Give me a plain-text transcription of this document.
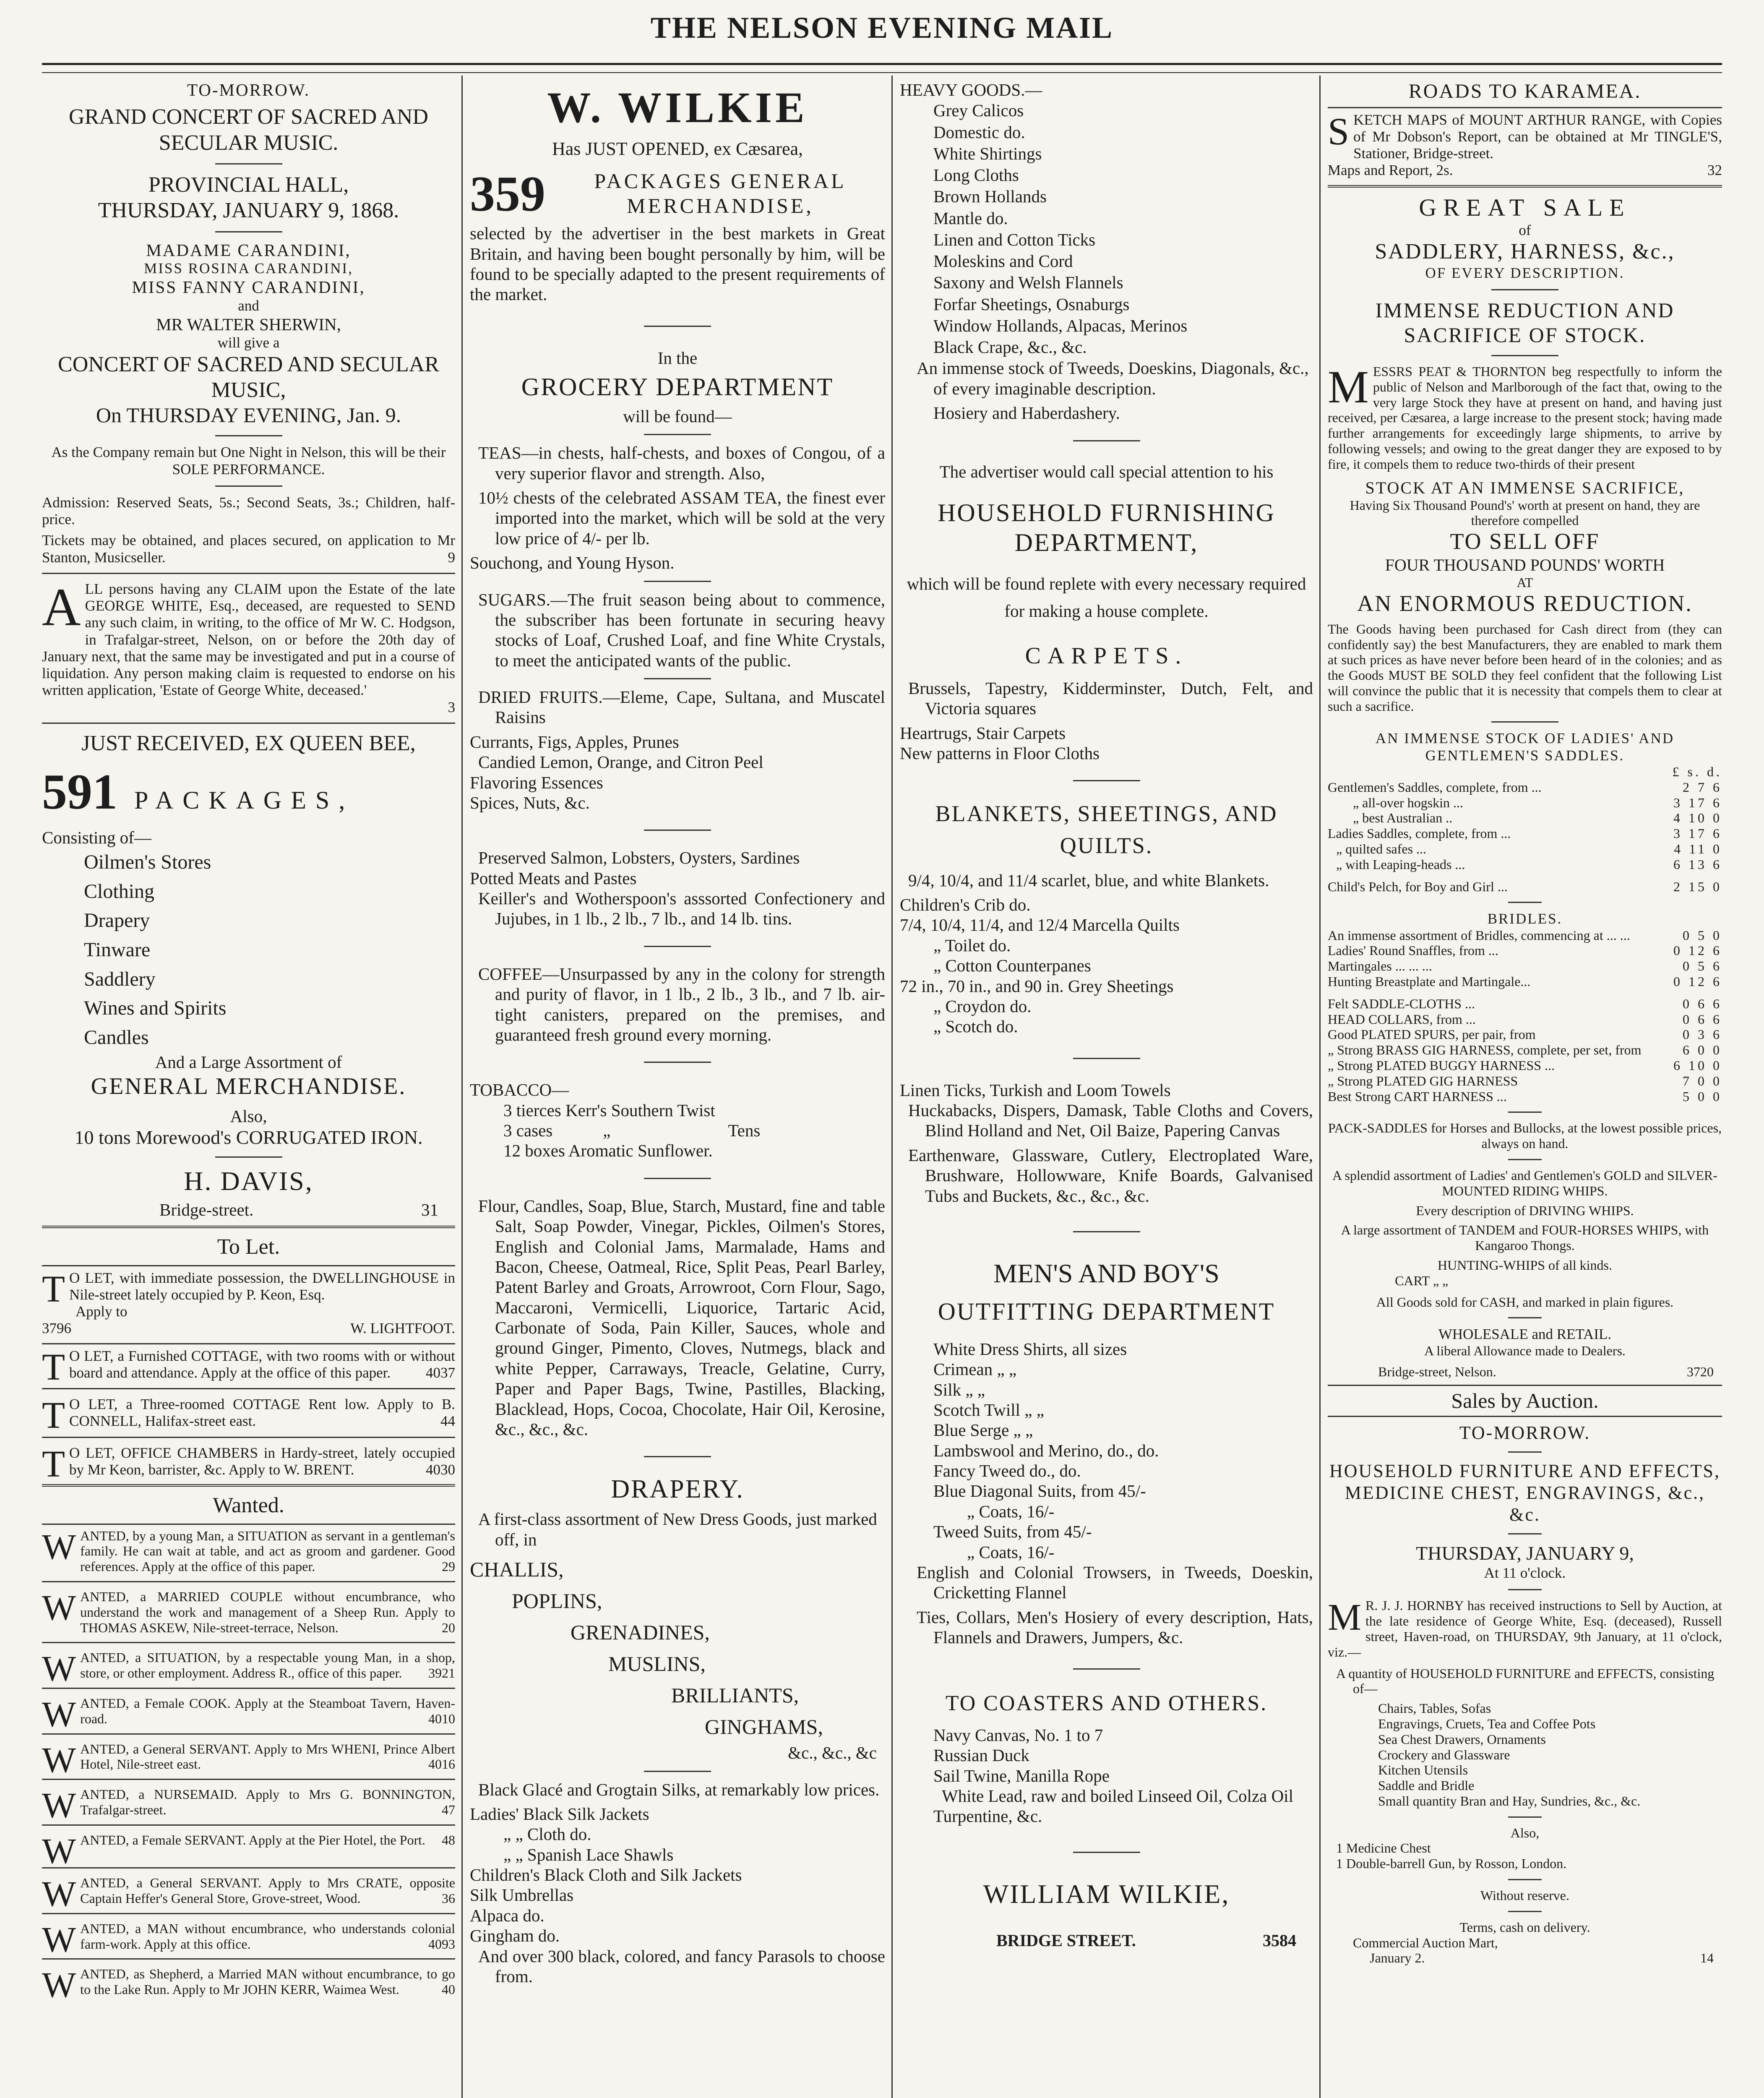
THE NELSON EVENING MAIL
TO-MORROW.
GRAND CONCERT OF SACRED AND SECULAR MUSIC.
PROVINCIAL HALL,
THURSDAY, JANUARY 9, 1868.
MADAME CARANDINI,
MISS ROSINA CARANDINI,
MISS FANNY CARANDINI,
and
MR WALTER SHERWIN,
will give a
CONCERT OF SACRED AND SECULAR MUSIC,
On THURSDAY EVENING, Jan. 9.

As the Company remain but One Night in Nelson, this will be their SOLE PERFORMANCE.

Admission: Reserved Seats, 5s.; Second Seats, 3s.; Children, half-price.

Tickets may be obtained, and places secured, on application to Mr Stanton, Musicseller.	9

ALL persons having any CLAIM upon the Estate of the late GEORGE WHITE, Esq., deceased, are requested to SEND any such claim, in writing, to the office of Mr W. C. Hodgson, in Trafalgar-street, Nelson, on or before the 20th day of January next, that the same may be investigated and put in a course of liquidation. Any person making claim is requested to endorse on his written application, 'Estate of George White, deceased.'
3
JUST RECEIVED, EX QUEEN BEE,
591 PACKAGES,
Consisting of—
Oilmen's Stores
Clothing
Drapery
Tinware
Saddlery
Wines and Spirits
Candles
And a Large Assortment of
GENERAL MERCHANDISE.
Also,
10 tons Morewood's CORRUGATED IRON.
H. DAVIS,
Bridge-street.	31
To Let.
T O LET, with immediate possession, the DWELLINGHOUSE in Nile-street lately occupied by P. Keon, Esq.
Apply to
3796	W. LIGHTFOOT.
T O LET, a Furnished COTTAGE, with two rooms with or without board and attendance. Apply at the office of this paper. 4037
T O LET, a Three-roomed COTTAGE Rent low. Apply to B. CONNELL, Halifax-street east.	44
T O LET, OFFICE CHAMBERS in Hardy-street, lately occupied by Mr Keon, barrister, &c. Apply to W. BRENT.	4030
Wanted.
WANTED, by a young Man, a SITUATION as servant in a gentleman's family. He can wait at table, and act as groom and gardener. Good references. Apply at the office of this paper.	29
WANTED, a MARRIED COUPLE without encumbrance, who understand the work and management of a Sheep Run. Apply to THOMAS ASKEW, Nile-street-terrace, Nelson.	20
WANTED, a SITUATION, by a respectable young Man, in a shop, store, or other employment. Address R., office of this paper. 3921
WANTED, a Female COOK. Apply at the Steamboat Tavern, Haven-road.	4010
WANTED, a General SERVANT. Apply to Mrs WHENI, Prince Albert Hotel, Nile-street east.	4016
WANTED, a NURSEMAID. Apply to Mrs G. BONNINGTON, Trafalgar-street.	47
WANTED, a Female SERVANT. Apply at the Pier Hotel, the Port. 48
WANTED, a General SERVANT. Apply to Mrs CRATE, opposite Captain Heffer's General Store, Grove-street, Wood.	36
WANTED, a MAN without encumbrance, who understands colonial farm-work. Apply at this office.	4093
WANTED, as Shepherd, a Married MAN without encumbrance, to go to the Lake Run. Apply to Mr JOHN KERR, Waimea West.	40
W. WILKIE
Has JUST OPENED, ex Cæsarea,
359	PACKAGES GENERAL MERCHANDISE,

selected by the advertiser in the best markets in Great Britain, and having been bought personally by him, will be found to be specially adapted to the present requirements of the market.

In the
GROCERY DEPARTMENT
will be found—

TEAS—in chests, half-chests, and boxes of Congou, of a very superior flavor and strength. Also,

10½ chests of the celebrated ASSAM TEA, the finest ever imported into the market, which will be sold at the very low price of 4/- per lb.

Souchong, and Young Hyson.

SUGARS.—The fruit season being about to commence, the subscriber has been fortunate in securing heavy stocks of Loaf, Crushed Loaf, and fine White Crystals, to meet the anticipated wants of the public.

DRIED FRUITS.—Eleme, Cape, Sultana, and Muscatel Raisins

Currants, Figs, Apples, Prunes
Candied Lemon, Orange, and Citron Peel
Flavoring Essences
Spices, Nuts, &c.
Preserved Salmon, Lobsters, Oysters, Sardines
Potted Meats and Pastes

Keiller's and Wotherspoon's asssorted Confectionery and Jujubes, in 1 lb., 2 lb., 7 lb., and 14 lb. tins.

COFFEE—Unsurpassed by any in the colony for strength and purity of flavor, in 1 lb., 2 lb., 3 lb., and 7 lb. air-tight canisters, prepared on the premises, and guaranteed fresh ground every morning.

TOBACCO—
3 tierces Kerr's Southern Twist
3 cases	„	Tens
12 boxes Aromatic Sunflower.

Flour, Candles, Soap, Blue, Starch, Mustard, fine and table Salt, Soap Powder, Vinegar, Pickles, Oilmen's Stores, English and Colonial Jams, Marmalade, Hams and Bacon, Cheese, Oatmeal, Rice, Split Peas, Pearl Barley, Patent Barley and Groats, Arrowroot, Corn Flour, Sago, Maccaroni, Vermicelli, Liquorice, Tartaric Acid, Carbonate of Soda, Pain Killer, Sauces, whole and ground Ginger, Pimento, Cloves, Nutmegs, black and white Pepper, Carraways, Treacle, Gelatine, Curry, Paper and Paper Bags, Twine, Pastilles, Blacking, Blacklead, Hops, Cocoa, Chocolate, Hair Oil, Kerosine, &c., &c., &c.

DRAPERY.

A first-class assortment of New Dress Goods, just marked off, in

CHALLIS,
POPLINS,
GRENADINES,
MUSLINS,
BRILLIANTS,
GINGHAMS,
&c., &c., &c

Black Glacé and Grogtain Silks, at remarkably low prices.

Ladies' Black Silk Jackets
„ „ Cloth do.
„ „ Spanish Lace Shawls
Children's Black Cloth and Silk Jackets
Silk Umbrellas
Alpaca do.
Gingham do.

And over 300 black, colored, and fancy Parasols to choose from.

HEAVY GOODS.—
Grey Calicos
Domestic do.
White Shirtings
Long Cloths
Brown Hollands
Mantle do.
Linen and Cotton Ticks
Moleskins and Cord
Saxony and Welsh Flannels
Forfar Sheetings, Osnaburgs
Window Hollands, Alpacas, Merinos
Black Crape, &c., &c.

An immense stock of Tweeds, Doeskins, Diagonals, &c., of every imaginable description.

Hosiery and Haberdashery.

The advertiser would call special attention to his

HOUSEHOLD FURNISHING
DEPARTMENT,

which will be found replete with every necessary required for making a house complete.

CARPETS.

Brussels, Tapestry, Kidderminster, Dutch, Felt, and Victoria squares

Heartrugs, Stair Carpets
New patterns in Floor Cloths
BLANKETS, SHEETINGS, AND QUILTS.

9/4, 10/4, and 11/4 scarlet, blue, and white Blankets.

Children's Crib do.
7/4, 10/4, 11/4, and 12/4 Marcella Quilts
„ Toilet do.
„ Cotton Counterpanes
72 in., 70 in., and 90 in. Grey Sheetings
„ Croydon do.
„ Scotch do.
Linen Ticks, Turkish and Loom Towels

Huckabacks, Dispers, Damask, Table Cloths and Covers, Blind Holland and Net, Oil Baize, Papering Canvas

Earthenware, Glassware, Cutlery, Electroplated Ware, Brushware, Hollowware, Knife Boards, Galvanised Tubs and Buckets, &c., &c., &c.

MEN'S AND BOY'S
OUTFITTING DEPARTMENT
White Dress Shirts, all sizes
Crimean „ „
Silk „ „
Scotch Twill „ „
Blue Serge „ „
Lambswool and Merino, do., do.
Fancy Tweed do., do.
Blue Diagonal Suits, from 45/-
„ Coats, 16/-
Tweed Suits, from 45/-
„ Coats, 16/-

English and Colonial Trowsers, in Tweeds, Doeskin, Cricketting Flannel

Ties, Collars, Men's Hosiery of every description, Hats, Flannels and Drawers, Jumpers, &c.

TO COASTERS AND OTHERS.
Navy Canvas, No. 1 to 7
Russian Duck
Sail Twine, Manilla Rope
White Lead, raw and boiled Linseed Oil, Colza Oil
Turpentine, &c.
WILLIAM WILKIE,
BRIDGE STREET.	3584
ROADS TO KARAMEA.
SKETCH MAPS of MOUNT ARTHUR RANGE, with Copies of Mr Dobson's Report, can be obtained at Mr TINGLE'S, Stationer, Bridge-street.
Maps and Report, 2s.	32
GREAT SALE
of
SADDLERY, HARNESS, &c.,
OF EVERY DESCRIPTION.
IMMENSE REDUCTION AND SACRIFICE OF STOCK.
MESSRS PEAT & THORNTON beg respectfully to inform the public of Nelson and Marlborough of the fact that, owing to the very large Stock they have at present on hand, and having just received, per Cæsarea, a large increase to the present stock; having made further arrangements for exceedingly large shipments, to arrive by following vessels; and owing to the great danger they are exposed to by fire, it compels them to reduce two-thirds of their present
STOCK AT AN IMMENSE SACRIFICE,
Having Six Thousand Pound's' worth at present on hand, they are therefore compelled
TO SELL OFF
FOUR THOUSAND POUNDS' WORTH
AT
AN ENORMOUS REDUCTION.

The Goods having been purchased for Cash direct from (they can confidently say) the best Manufacturers, they are enabled to mark them at such prices as have never before been heard of in the colonies; and as the Goods MUST BE SOLD they feel confident that the following List will convince the public that it is necessity that compels them to clear at such a sacrifice.

AN IMMENSE STOCK OF LADIES' AND GENTLEMEN'S SADDLES.
£ s. d.
Gentlemen's Saddles, complete, from ...	2 7 6
„ all-over hogskin ...	3 17 6
„ best Australian ..	4 10 0
Ladies Saddles, complete, from ...	3 17 6
„ quilted safes ...	4 11 0
„ with Leaping-heads ...	6 13 6
Child's Pelch, for Boy and Girl ...	2 15 0
BRIDLES.
An immense assortment of Bridles, commencing at ... ...	0 5 0
Ladies' Round Snaffles, from ...	0 12 6
Martingales ... ... ...	0 5 6
Hunting Breastplate and Martingale...	0 12 6
Felt SADDLE-CLOTHS ...	0 6 6
HEAD COLLARS, from ...	0 6 6
Good PLATED SPURS, per pair, from	0 3 6
„ Strong BRASS GIG HARNESS, complete, per set, from	6 0 0
„ Strong PLATED BUGGY HARNESS ...	6 10 0
„ Strong PLATED GIG HARNESS	7 0 0
Best Strong CART HARNESS ...	5 0 0

PACK-SADDLES for Horses and Bullocks, at the lowest possible prices, always on hand.

A splendid assortment of Ladies' and Gentlemen's GOLD and SILVER-MOUNTED RIDING WHIPS.

Every description of DRIVING WHIPS.

A large assortment of TANDEM and FOUR-HORSES WHIPS, with Kangaroo Thongs.

HUNTING-WHIPS of all kinds.
CART „ „

All Goods sold for CASH, and marked in plain figures.

WHOLESALE and RETAIL.
A liberal Allowance made to Dealers.
Bridge-street, Nelson.	3720
Sales by Auction.
TO-MORROW.
HOUSEHOLD FURNITURE AND EFFECTS, MEDICINE CHEST, ENGRAVINGS, &c., &c.
THURSDAY, JANUARY 9,
At 11 o'clock.
M R. J. J. HORNBY has received instructions to Sell by Auction, at the late residence of George White, Esq. (deceased), Russell street, Haven-road, on THURSDAY, 9th January, at 11 o'clock, viz.—

A quantity of HOUSEHOLD FURNITURE and EFFECTS, consisting of—

Chairs, Tables, Sofas
Engravings, Cruets, Tea and Coffee Pots
Sea Chest Drawers, Ornaments
Crockery and Glassware
Kitchen Utensils
Saddle and Bridle
Small quantity Bran and Hay, Sundries, &c., &c.
Also,
1 Medicine Chest
1 Double-barrell Gun, by Rosson, London.
Without reserve.
Terms, cash on delivery.
Commercial Auction Mart,
January 2.	14
